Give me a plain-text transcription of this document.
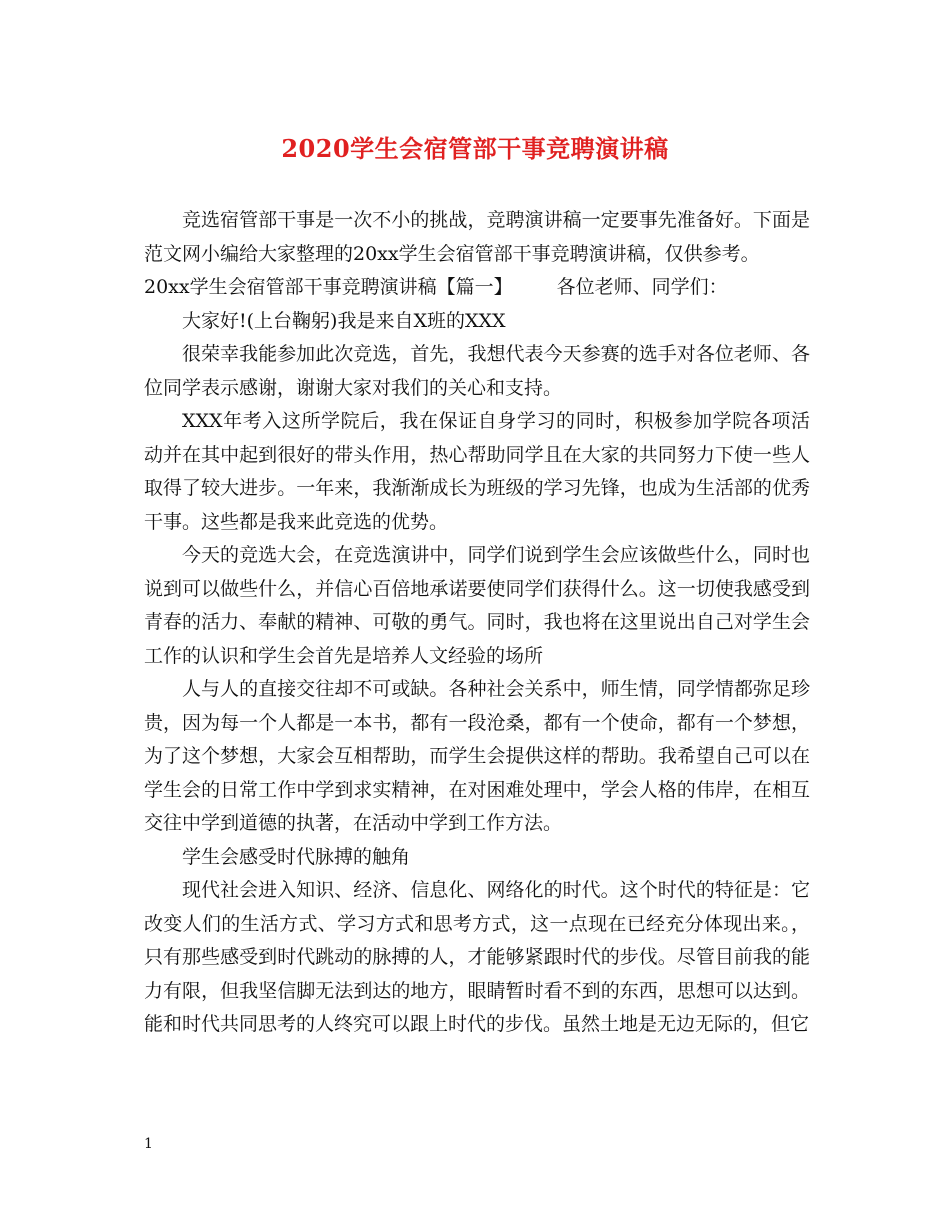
2020学生会宿管部干事竞聘演讲稿

竞选宿管部干事是一次不小的挑战，竞聘演讲稿一定要事先准备好。下面是范文网小编给大家整理的20xx学生会宿管部干事竞聘演讲稿，仅供参考。

20xx学生会宿管部干事竞聘演讲稿【篇一】 各位老师、同学们：

大家好!(上台鞠躬)我是来自X班的XXX

很荣幸我能参加此次竞选，首先，我想代表今天参赛的选手对各位老师、各位同学表示感谢，谢谢大家对我们的关心和支持。

XXX年考入这所学院后，我在保证自身学习的同时，积极参加学院各项活动并在其中起到很好的带头作用，热心帮助同学且在大家的共同努力下使一些人取得了较大进步。一年来，我渐渐成长为班级的学习先锋，也成为生活部的优秀干事。这些都是我来此竞选的优势。

今天的竞选大会，在竞选演讲中，同学们说到学生会应该做些什么，同时也说到可以做些什么，并信心百倍地承诺要使同学们获得什么。这一切使我感受到青春的活力、奉献的精神、可敬的勇气。同时，我也将在这里说出自己对学生会工作的认识和学生会首先是培养人文经验的场所

人与人的直接交往却不可或缺。各种社会关系中，师生情，同学情都弥足珍贵，因为每一个人都是一本书，都有一段沧桑，都有一个使命，都有一个梦想，为了这个梦想，大家会互相帮助，而学生会提供这样的帮助。我希望自己可以在学生会的日常工作中学到求实精神，在对困难处理中，学会人格的伟岸，在相互交往中学到道德的执著，在活动中学到工作方法。

学生会感受时代脉搏的触角

现代社会进入知识、经济、信息化、网络化的时代。这个时代的特征是：它改变人们的生活方式、学习方式和思考方式，这一点现在已经充分体现出来。，只有那些感受到时代跳动的脉搏的人，才能够紧跟时代的步伐。尽管目前我的能力有限，但我坚信脚无法到达的地方，眼睛暂时看不到的东西，思想可以达到。能和时代共同思考的人终究可以跟上时代的步伐。虽然土地是无边无际的，但它

1
